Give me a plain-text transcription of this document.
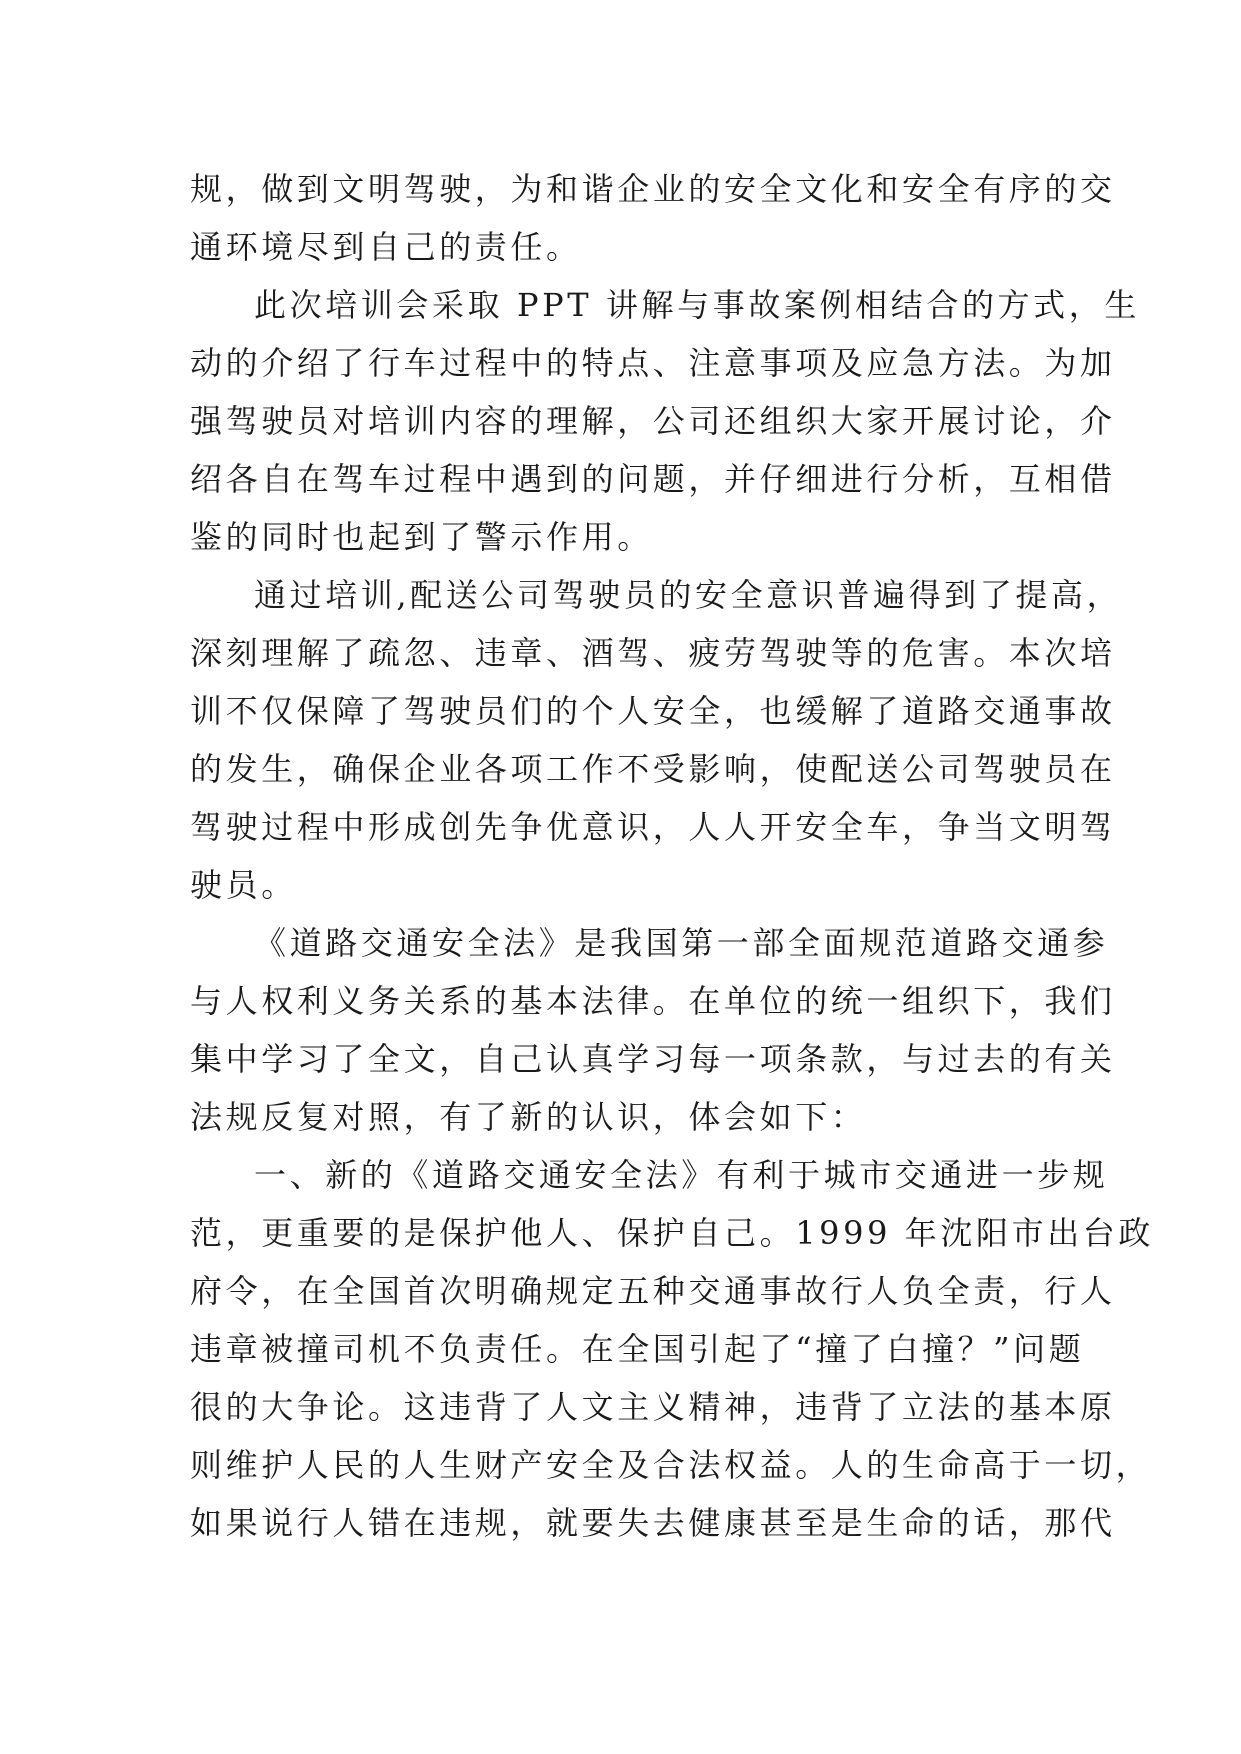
规，做到文明驾驶，为和谐企业的安全文化和安全有序的交
通环境尽到自己的责任。
此次培训会采取 PPT 讲解与事故案例相结合的方式，生
动的介绍了行车过程中的特点、注意事项及应急方法。为加
强驾驶员对培训内容的理解，公司还组织大家开展讨论，介
绍各自在驾车过程中遇到的问题，并仔细进行分析，互相借
鉴的同时也起到了警示作用。
通过培训,配送公司驾驶员的安全意识普遍得到了提高，
深刻理解了疏忽、违章、酒驾、疲劳驾驶等的危害。本次培
训不仅保障了驾驶员们的个人安全，也缓解了道路交通事故
的发生，确保企业各项工作不受影响，使配送公司驾驶员在
驾驶过程中形成创先争优意识，人人开安全车，争当文明驾
驶员。
《道路交通安全法》是我国第一部全面规范道路交通参
与人权利义务关系的基本法律。在单位的统一组织下，我们
集中学习了全文，自己认真学习每一项条款，与过去的有关
法规反复对照，有了新的认识，体会如下：
一、新的《道路交通安全法》有利于城市交通进一步规
范，更重要的是保护他人、保护自己。1999 年沈阳市出台政
府令，在全国首次明确规定五种交通事故行人负全责，行人
违章被撞司机不负责任。在全国引起了“撞了白撞？”问题
很的大争论。这违背了人文主义精神，违背了立法的基本原
则维护人民的人生财产安全及合法权益。人的生命高于一切，
如果说行人错在违规，就要失去健康甚至是生命的话，那代
